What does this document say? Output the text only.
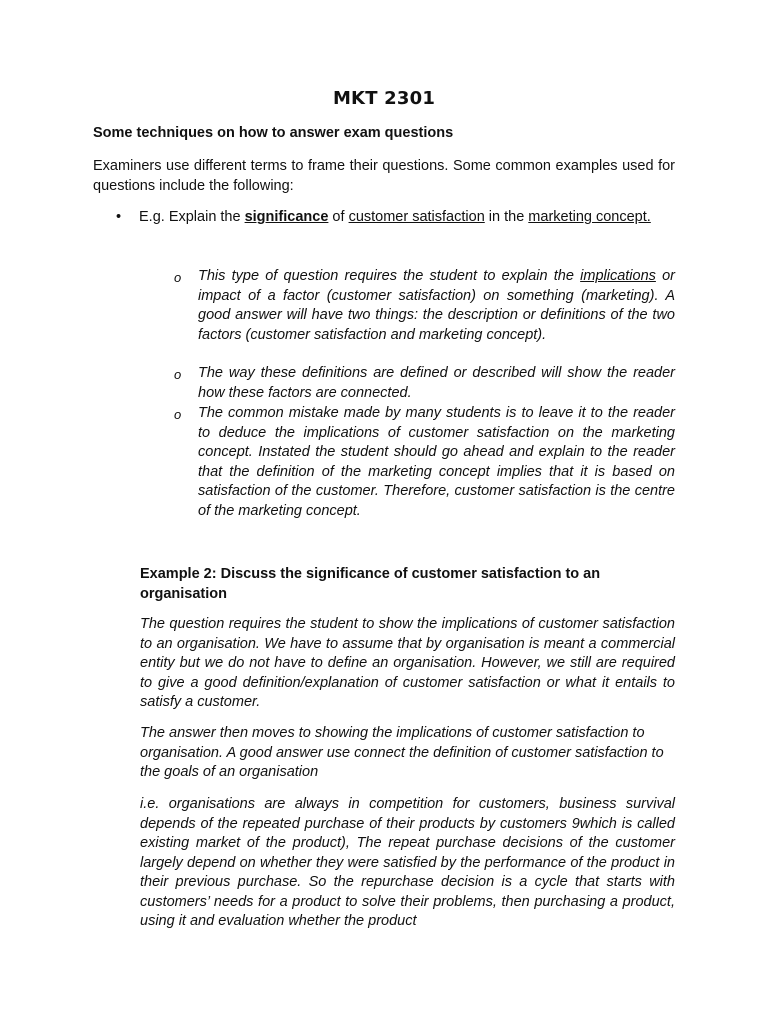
MKT 2301
Some techniques on how to answer exam questions
Examiners use different terms to frame their questions. Some common examples used for questions include the following:
• E.g. Explain the significance of customer satisfaction in the marketing concept.
o This type of question requires the student to explain the implications or impact of a factor (customer satisfaction) on something (marketing). A good answer will have two things: the description or definitions of the two factors (customer satisfaction and marketing concept).
o The way these definitions are defined or described will show the reader how these factors are connected.
o The common mistake made by many students is to leave it to the reader to deduce the implications of customer satisfaction on the marketing concept. Instated the student should go ahead and explain to the reader that the definition of the marketing concept implies that it is based on satisfaction of the customer. Therefore, customer satisfaction is the centre of the marketing concept.
Example 2: Discuss the significance of customer satisfaction to an organisation
The question requires the student to show the implications of customer satisfaction to an organisation. We have to assume that by organisation is meant a commercial entity but we do not have to define an organisation. However, we still are required to give a good definition/explanation of customer satisfaction or what it entails to satisfy a customer.
The answer then moves to showing the implications of customer satisfaction to organisation. A good answer use connect the definition of customer satisfaction to the goals of an organisation
i.e. organisations are always in competition for customers, business survival depends of the repeated purchase of their products by customers 9which is called existing market of the product), The repeat purchase decisions of the customer largely depend on whether they were satisfied by the performance of the product in their previous purchase. So the repurchase decision is a cycle that starts with customers’ needs for a product to solve their problems, then purchasing a product, using it and evaluation whether the product
